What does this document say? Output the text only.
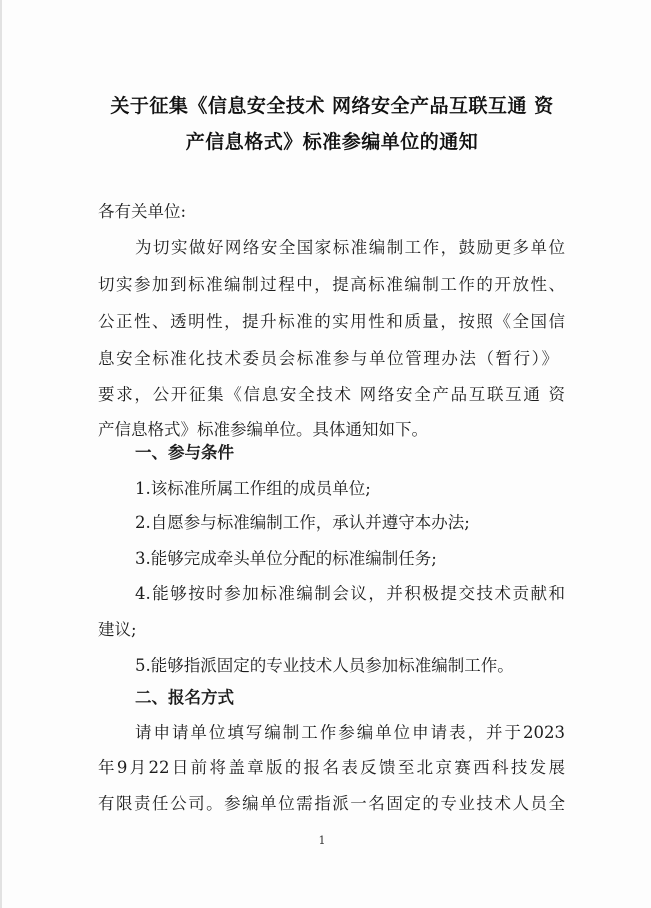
关于征集《信息安全技术 网络安全产品互联互通 资
产信息格式》标准参编单位的通知
各有关单位:
为切实做好网络安全国家标准编制工作，鼓励更多单位
切实参加到标准编制过程中，提高标准编制工作的开放性、
公正性、透明性，提升标准的实用性和质量，按照《全国信
息安全标准化技术委员会标准参与单位管理办法（暂行）》
要求，公开征集《信息安全技术 网络安全产品互联互通 资
产信息格式》标准参编单位。具体通知如下。
一、参与条件
1.该标准所属工作组的成员单位;
2.自愿参与标准编制工作，承认并遵守本办法;
3.能够完成牵头单位分配的标准编制任务;
4.能够按时参加标准编制会议，并积极提交技术贡献和
建议;
5.能够指派固定的专业技术人员参加标准编制工作。
二、报名方式
请申请单位填写编制工作参编单位申请表，并于2023
年9月22日前将盖章版的报名表反馈至北京赛西科技发展
有限责任公司。参编单位需指派一名固定的专业技术人员全
1
